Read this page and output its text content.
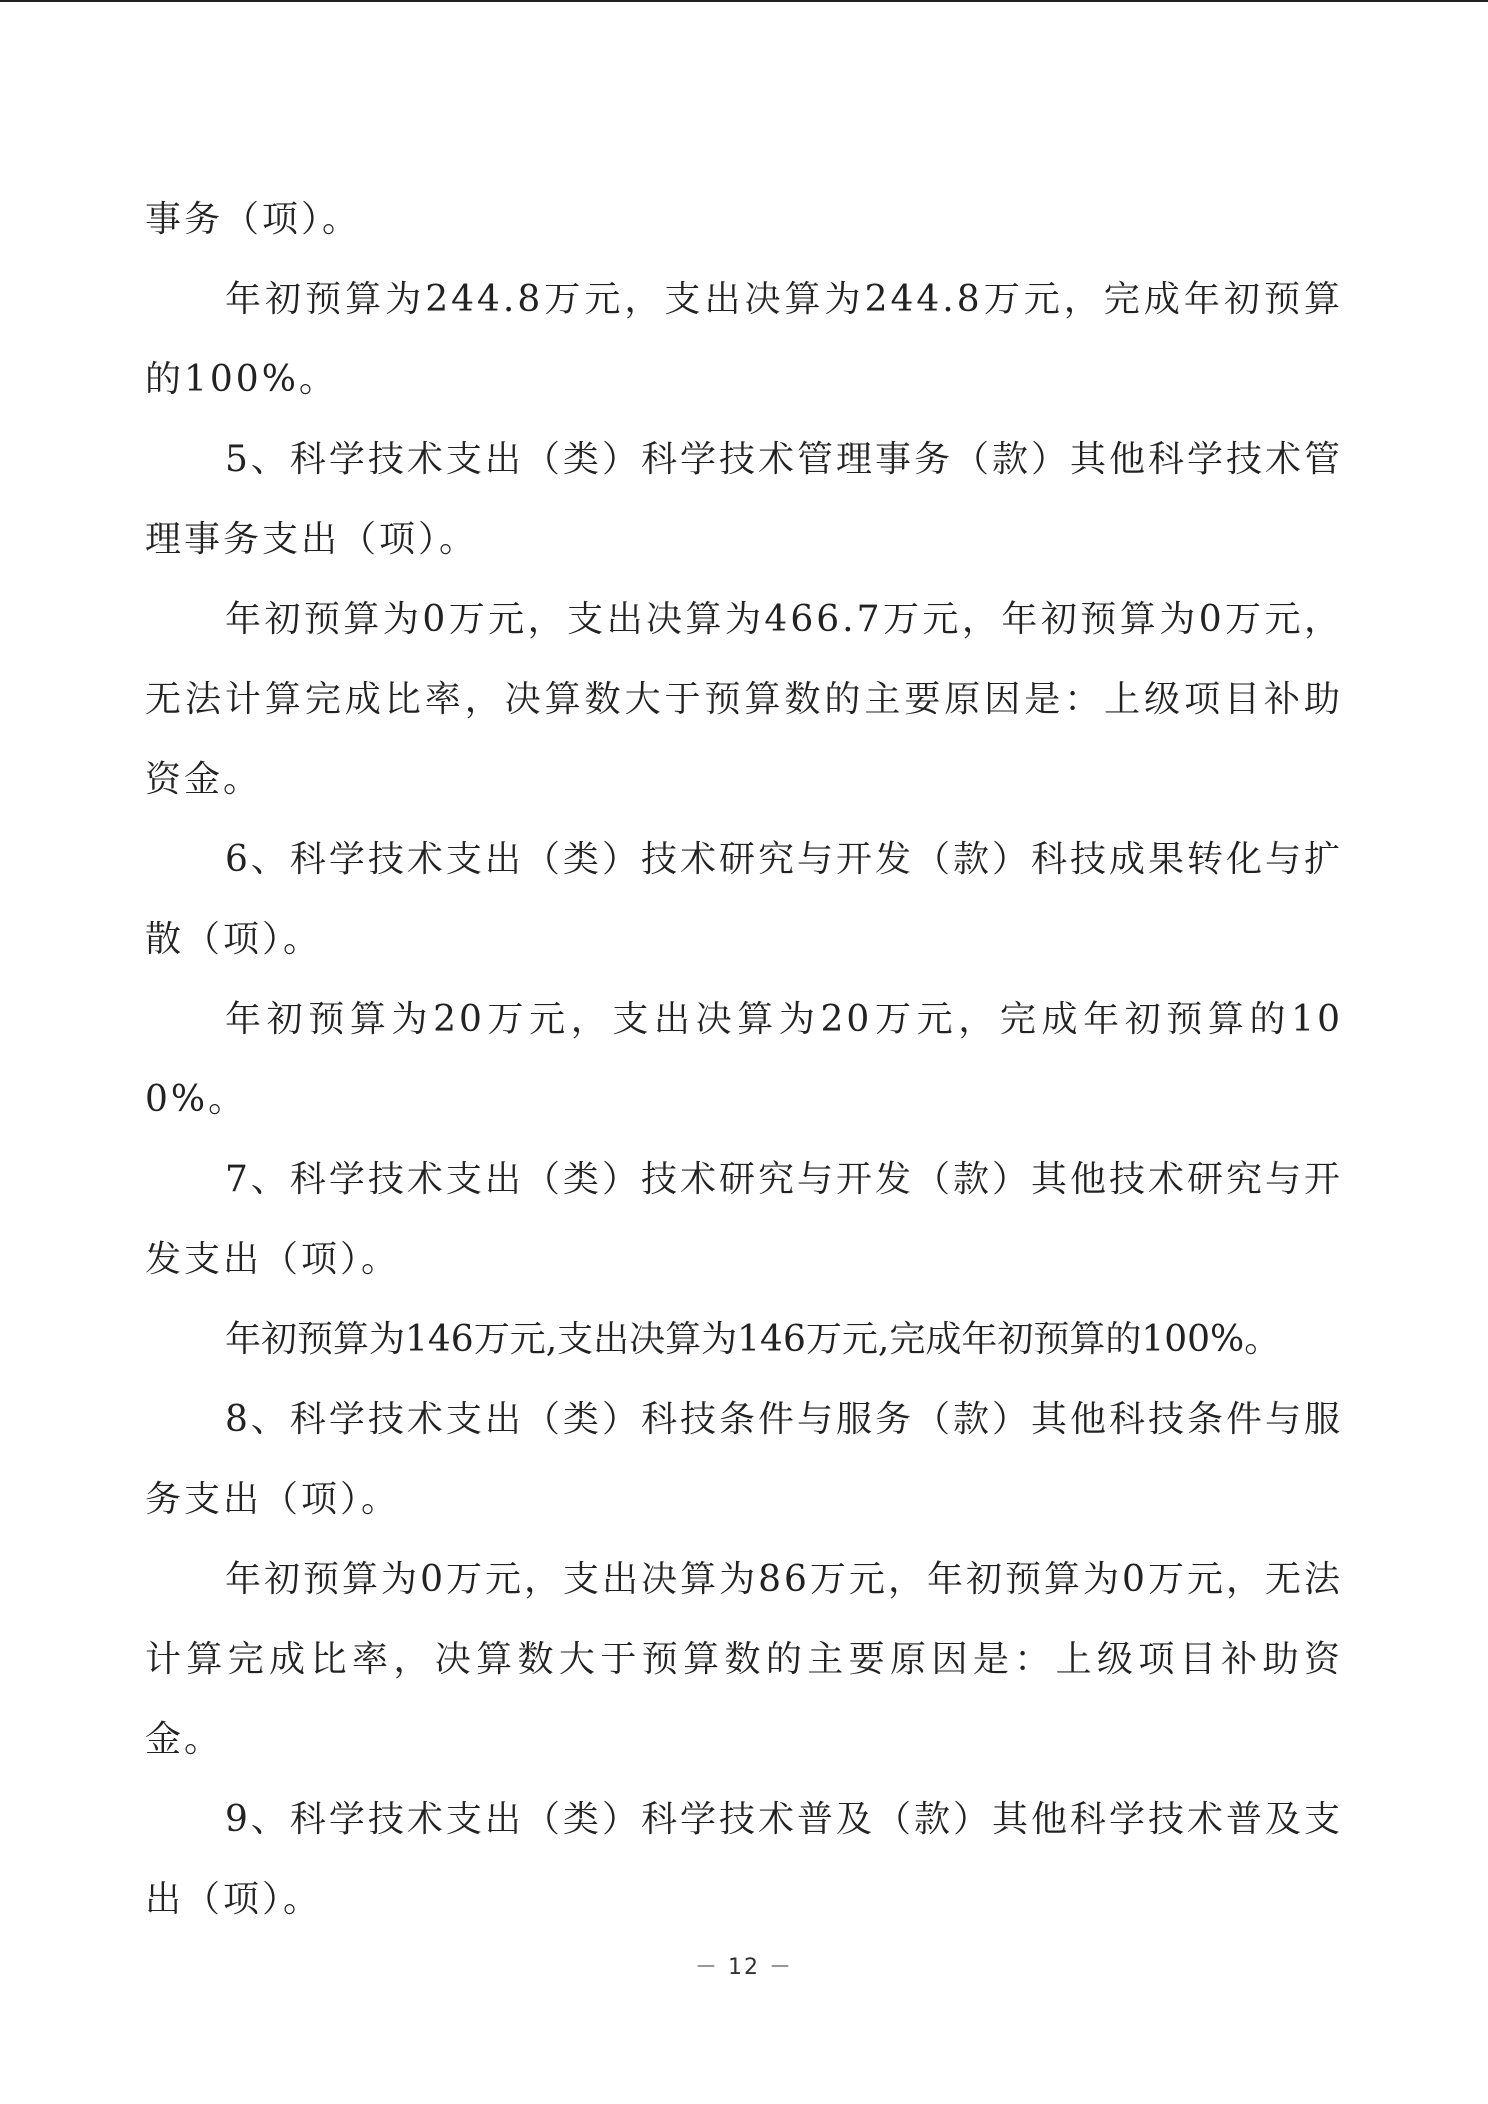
事务（项）。

年初预算为244.8万元，支出决算为244.8万元，完成年初预算的100%。

5、科学技术支出（类）科学技术管理事务（款）其他科学技术管理事务支出（项）。

年初预算为0万元，支出决算为466.7万元，年初预算为0万元，无法计算完成比率，决算数大于预算数的主要原因是：上级项目补助资金。

6、科学技术支出（类）技术研究与开发（款）科技成果转化与扩散（项）。

年初预算为20万元，支出决算为20万元，完成年初预算的100%。

7、科学技术支出（类）技术研究与开发（款）其他技术研究与开发支出（项）。

年初预算为146万元,支出决算为146万元,完成年初预算的100%。

8、科学技术支出（类）科技条件与服务（款）其他科技条件与服务支出（项）。

年初预算为0万元，支出决算为86万元，年初预算为0万元，无法计算完成比率，决算数大于预算数的主要原因是：上级项目补助资金。

9、科学技术支出（类）科学技术普及（款）其他科学技术普及支出（项）。

－ 12 －
